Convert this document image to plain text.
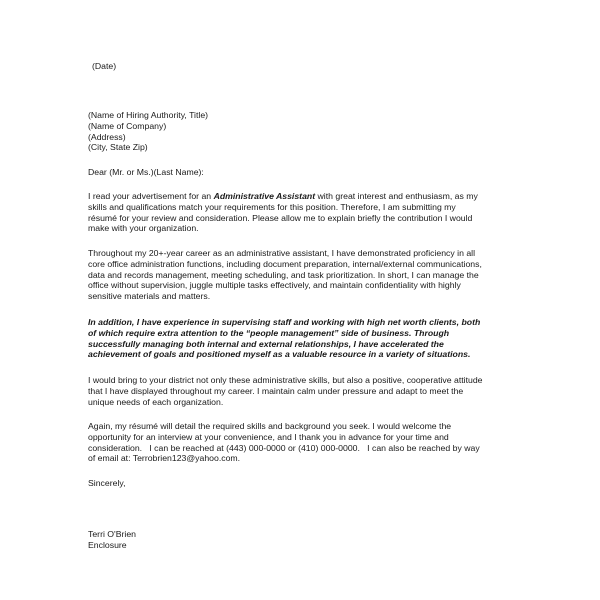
(Date)
(Name of Hiring Authority, Title)
(Name of Company)
(Address)
(City, State Zip)
Dear (Mr. or Ms.)(Last Name):
I read your advertisement for an Administrative Assistant with great interest and enthusiasm, as my
skills and qualifications match your requirements for this position. Therefore, I am submitting my
résumé for your review and consideration. Please allow me to explain briefly the contribution I would
make with your organization.
Throughout my 20+-year career as an administrative assistant, I have demonstrated proficiency in all
core office administration functions, including document preparation, internal/external communications,
data and records management, meeting scheduling, and task prioritization. In short, I can manage the
office without supervision, juggle multiple tasks effectively, and maintain confidentiality with highly
sensitive materials and matters.
In addition, I have experience in supervising staff and working with high net worth clients, both
of which require extra attention to the “people management” side of business. Through
successfully managing both internal and external relationships, I have accelerated the
achievement of goals and positioned myself as a valuable resource in a variety of situations.
I would bring to your district not only these administrative skills, but also a positive, cooperative attitude
that I have displayed throughout my career. I maintain calm under pressure and adapt to meet the
unique needs of each organization.
Again, my résumé will detail the required skills and background you seek. I would welcome the
opportunity for an interview at your convenience, and I thank you in advance for your time and
consideration.   I can be reached at (443) 000-0000 or (410) 000-0000.   I can also be reached by way
of email at: Terrobrien123@yahoo.com.
Sincerely,
Terri O'Brien
Enclosure
